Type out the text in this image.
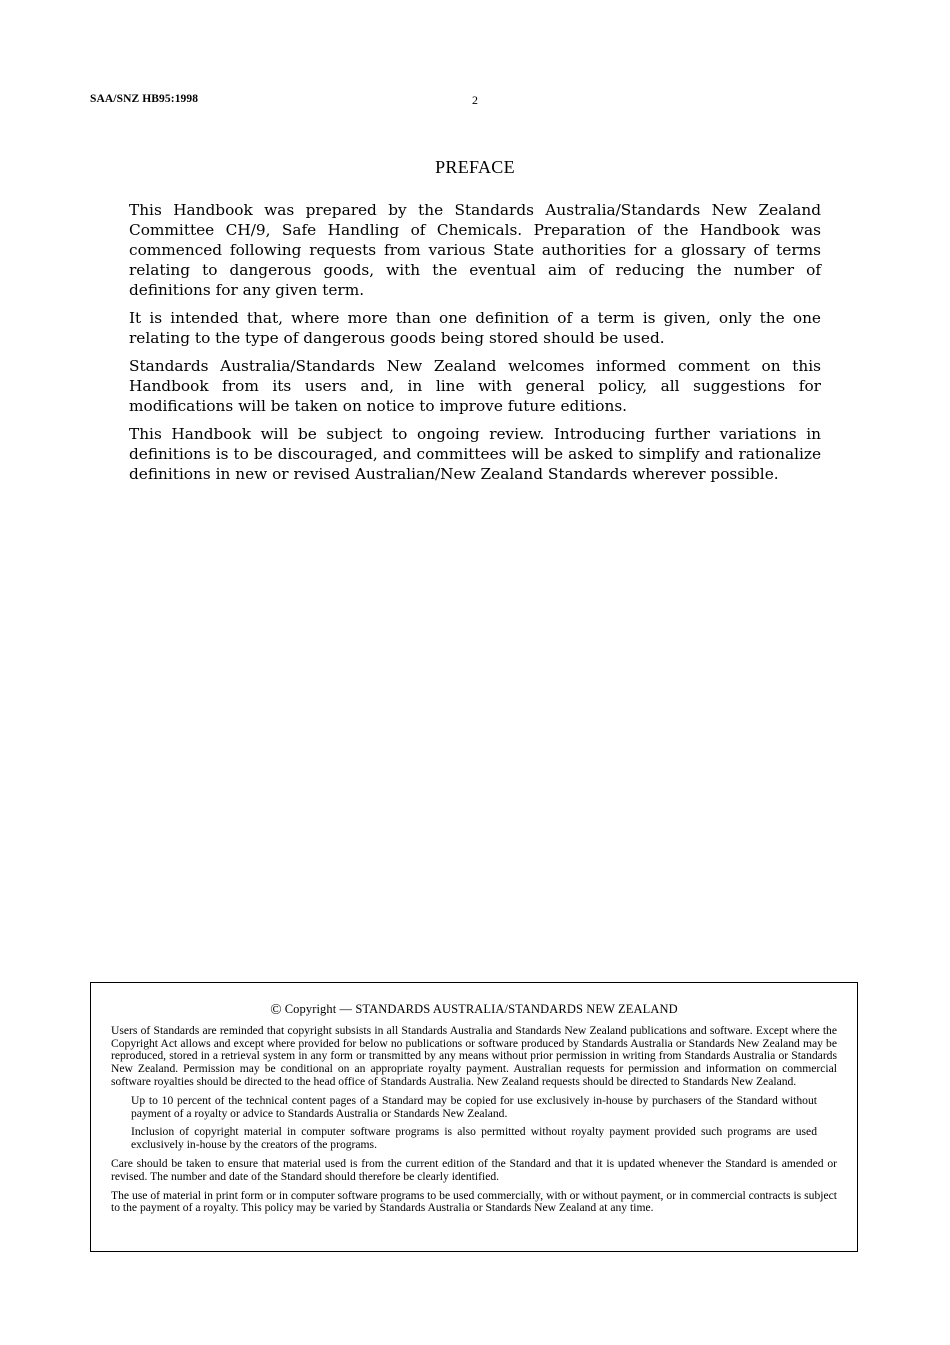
SAA/SNZ HB95:1998	2
PREFACE

This Handbook was prepared by the Standards Australia/Standards New Zealand Committee CH/9, Safe Handling of Chemicals. Preparation of the Handbook was commenced following requests from various State authorities for a glossary of terms relating to dangerous goods, with the eventual aim of reducing the number of definitions for any given term.

It is intended that, where more than one definition of a term is given, only the one relating to the type of dangerous goods being stored should be used.

Standards Australia/Standards New Zealand welcomes informed comment on this Handbook from its users and, in line with general policy, all suggestions for modifications will be taken on notice to improve future editions.

This Handbook will be subject to ongoing review. Introducing further variations in definitions is to be discouraged, and committees will be asked to simplify and rationalize definitions in new or revised Australian/New Zealand Standards wherever possible.

© Copyright — STANDARDS AUSTRALIA/STANDARDS NEW ZEALAND

Users of Standards are reminded that copyright subsists in all Standards Australia and Standards New Zealand publications and software. Except where the Copyright Act allows and except where provided for below no publications or software produced by Standards Australia or Standards New Zealand may be reproduced, stored in a retrieval system in any form or transmitted by any means without prior permission in writing from Standards Australia or Standards New Zealand. Permission may be conditional on an appropriate royalty payment. Australian requests for permission and information on commercial software royalties should be directed to the head office of Standards Australia. New Zealand requests should be directed to Standards New Zealand.

Up to 10 percent of the technical content pages of a Standard may be copied for use exclusively in-house by purchasers of the Standard without payment of a royalty or advice to Standards Australia or Standards New Zealand.

Inclusion of copyright material in computer software programs is also permitted without royalty payment provided such programs are used exclusively in-house by the creators of the programs.

Care should be taken to ensure that material used is from the current edition of the Standard and that it is updated whenever the Standard is amended or revised. The number and date of the Standard should therefore be clearly identified.

The use of material in print form or in computer software programs to be used commercially, with or without payment, or in commercial contracts is subject to the payment of a royalty. This policy may be varied by Standards Australia or Standards New Zealand at any time.
